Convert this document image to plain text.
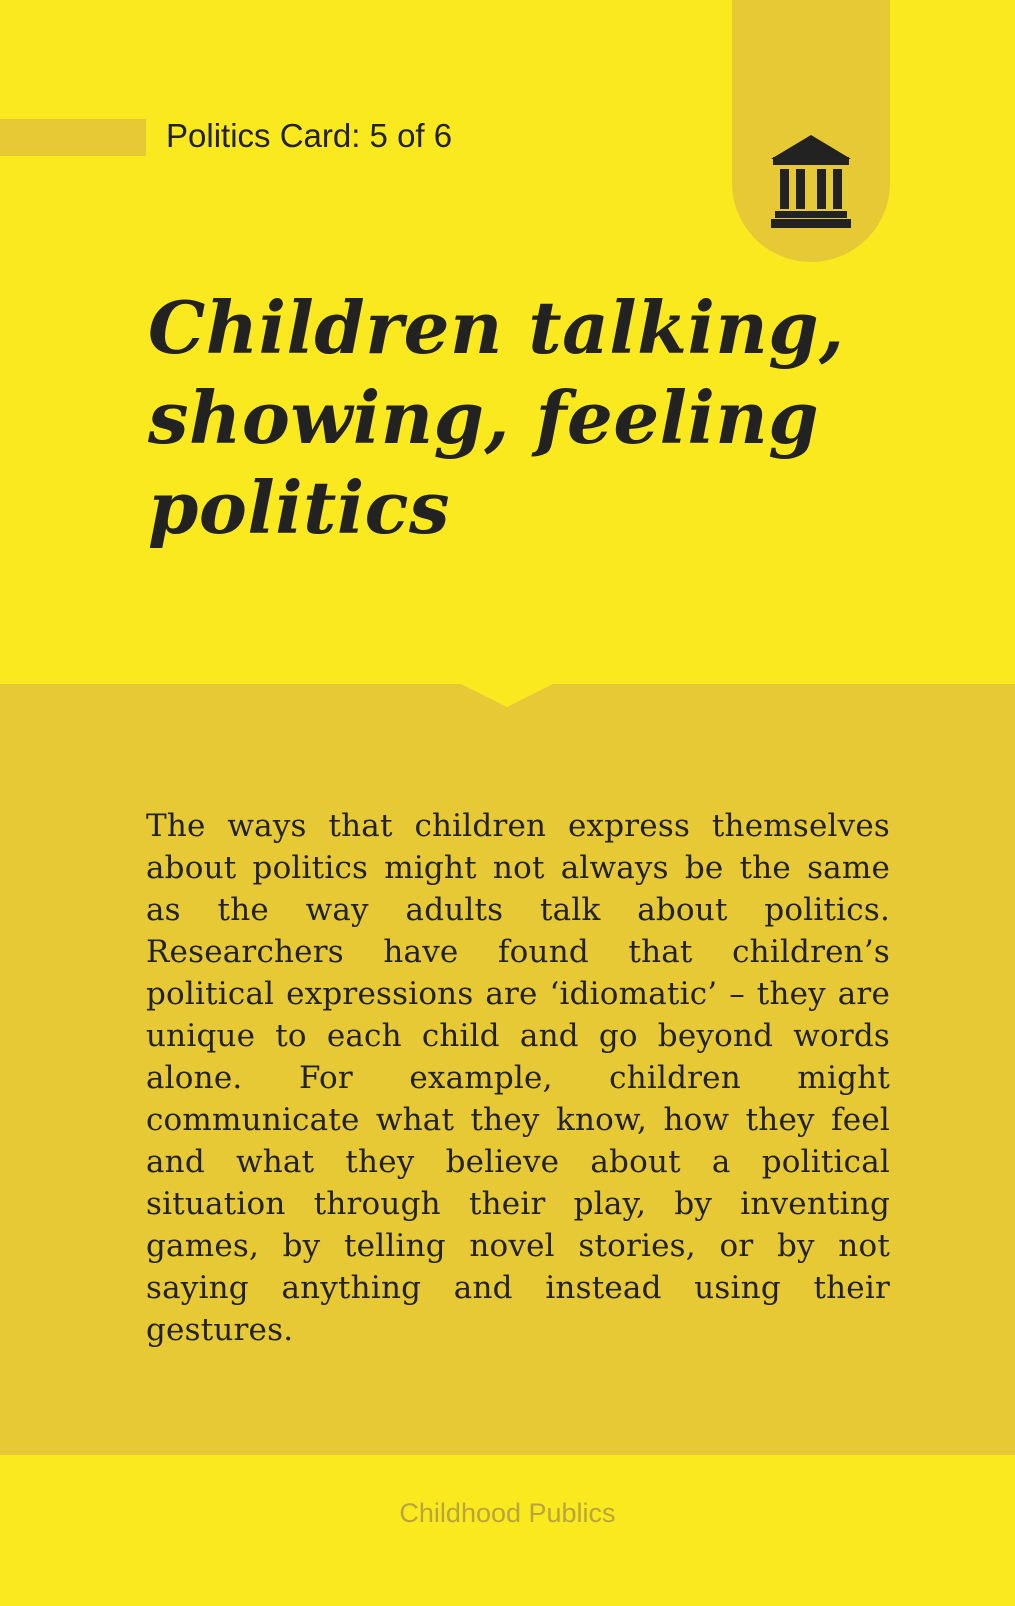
Politics Card: 5 of 6
Children talking, showing, feeling politics

The ways that children express themselves about politics might not always be the same as the way adults talk about politics. Researchers have found that children’s political expressions are ‘idiomatic’ – they are unique to each child and go beyond words alone. For example, children might communicate what they know, how they feel and what they believe about a political situation through their play, by inventing games, by telling novel stories, or by not saying anything and instead using their gestures.

Childhood Publics
